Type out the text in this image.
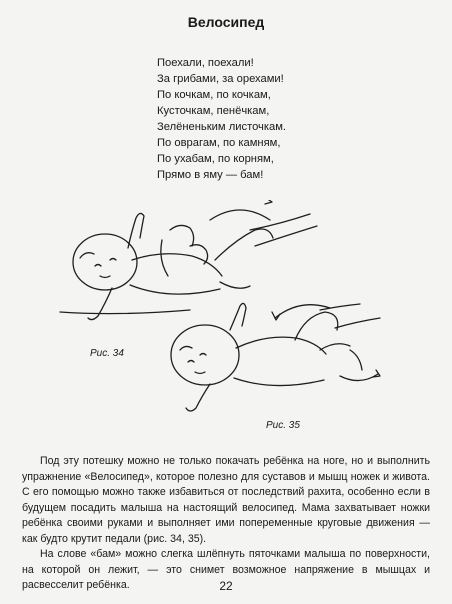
Велосипед
Поехали, поехали!
За грибами, за орехами!
По кочкам, по кочкам,
Кусточкам, пенёчкам,
Зелёненьким листочкам.
По оврагам, по камням,
По ухабам, по корням,
Прямо в яму — бам!
Рис. 34
Рис. 35

Под эту потешку можно не только покачать ребёнка на ноге, но и выполнить упражнение «Велосипед», которое полезно для суставов и мышц ножек и живота. С его помощью можно также избавиться от последствий рахита, особенно если в будущем посадить малыша на настоящий велосипед. Мама захватывает ножки ребёнка своими руками и выполняет ими попеременные круговые движения — как будто крутит педали (рис. 34, 35).

На слове «бам» можно слегка шлёпнуть пяточками малыша по поверхности, на которой он лежит, — это снимет возможное напряжение в мышцах и расвесселит ребёнка.	22
